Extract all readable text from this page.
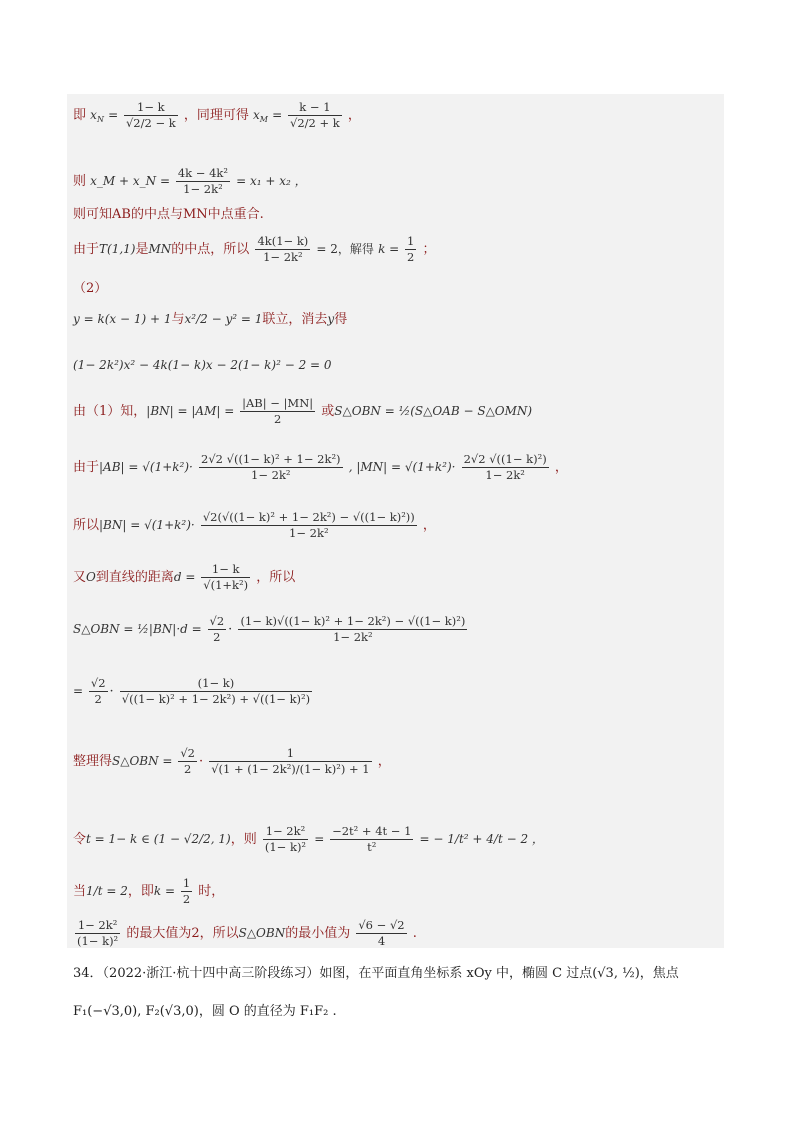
即 $x_N = \frac{1- k}{√2/2 - k}$ ，同理可得 $x_M = \frac{k - 1}{√2/2 + k}$ ，
则 x_M + x_N = $\frac{\text{4k − 4k²}}{\text{1− 2k²}} = x_1 + x_2$ ，
则可知AB的中点与MN中点重合.
由于T(1,1)是MN的中点，所以 $\frac{4k(1- k)}{\text{1− 2k²}} = 2$，解得 $k = \frac{1}{2}$ ；
（2）
y = k(x − 1) + 1与x²/2 − y² = 1联立，消去y得
(1− 2k²)x² − 4k(1− k)x − 2(1− k)² − 2 = 0
由（1）知，$|BN| = |AM| = \frac{|AB| - |MN|}{2}$ 或S△OBN = ½(S△OAB − S△OMN)
由于$|AB| = √(1+k^2)\cdot \frac{\text{2√2 √((1− k)² + 1− 2k²)}}{\text{1− 2k²}}$ , $|MN| = √(1+k^2)\cdot \frac{\text{2√2 √((1− k)²)}}{\text{1− 2k²}}$ ，
所以$|BN| = √(1+k^2)\cdot \frac{\text{√2(√((1− k)² + 1− 2k²) − √((1− k)²))}}{\text{1− 2k²}}$ ，
又O到直线的距离$d = \frac{1- k}{\text{√(1+k²)}}$ ，所以
S△OBN = ½|BN|·d = $\frac{√2}{2} \cdot \frac{\text{(1− k)√((1− k)² + 1− 2k²) − √((1− k)²)}}{\text{1− 2k²}}$
= $\frac{√2}{2} \cdot \frac{(1- k)}{\text{√((1− k)² + 1− 2k²) + √((1− k)²)}}$
整理得S△OBN = $\frac{√2}{2} \cdot \frac{1}{\text{√(1 + (1− 2k²)/(1− k)²) + 1}}$ ，
令t = 1− k ∈ (1 − √2/2, 1)，则 $\frac{\text{1− 2k²}}{\text{(1− k)²}} = \frac{\text{−2t² + 4t − 1}}{\text{t²}}$ = − 1/t² + 4/t − 2 ，
当1/t = 2，即$k = \frac{1}{2}$ 时，
$\frac{\text{1− 2k²}}{\text{(1− k)²}}$ 的最大值为2，所以S△OBN的最小值为 $\frac{√6 - √2}{4}$ .
34．（2022·浙江·杭十四中高三阶段练习）如图，在平面直角坐标系 xOy 中，椭圆 C 过点(√3, ½)，焦点
F₁(−√3,0), F₂(√3,0)，圆 O 的直径为 F₁F₂ .
